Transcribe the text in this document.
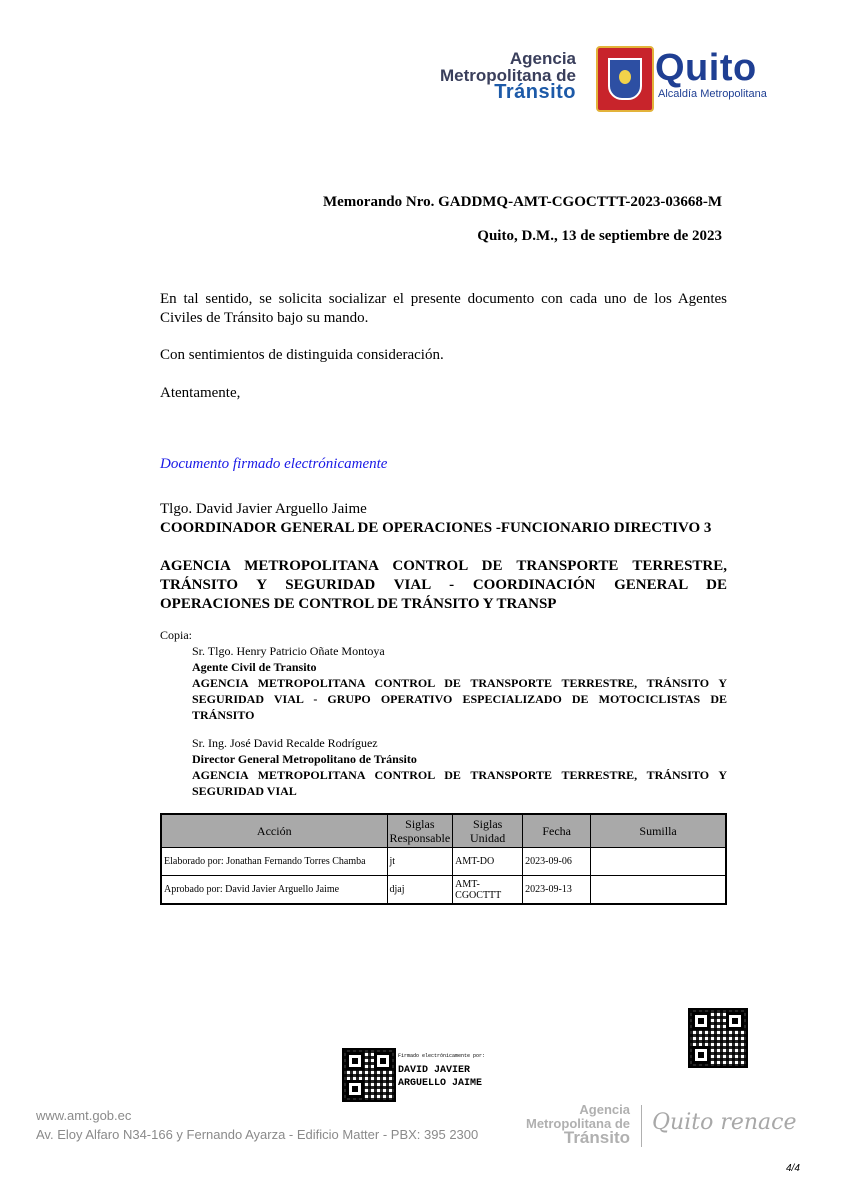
Agencia
Metropolitana de
Tránsito
Quito
Alcaldía Metropolitana
Memorando Nro. GADDMQ-AMT-CGOCTTT-2023-03668-M
Quito, D.M., 13 de septiembre de 2023
En tal sentido, se solicita socializar el presente documento con cada uno de los Agentes Civiles de Tránsito bajo su mando.
Con sentimientos de distinguida consideración.
Atentamente,
Documento firmado electrónicamente
Tlgo. David Javier Arguello Jaime
COORDINADOR GENERAL DE OPERACIONES -FUNCIONARIO DIRECTIVO 3
AGENCIA METROPOLITANA CONTROL DE TRANSPORTE TERRESTRE, TRÁNSITO Y SEGURIDAD VIAL - COORDINACIÓN GENERAL DE OPERACIONES DE CONTROL DE TRÁNSITO Y TRANSP
Copia:
Sr. Tlgo. Henry Patricio Oñate Montoya
Agente Civil de Transito
AGENCIA METROPOLITANA CONTROL DE TRANSPORTE TERRESTRE, TRÁNSITO Y SEGURIDAD VIAL - GRUPO OPERATIVO ESPECIALIZADO DE MOTOCICLISTAS DE TRÁNSITO
Sr. Ing. José David Recalde Rodríguez
Director General Metropolitano de Tránsito
AGENCIA METROPOLITANA CONTROL DE TRANSPORTE TERRESTRE, TRÁNSITO Y SEGURIDAD VIAL
Acción	Siglas Responsable	Siglas Unidad	Fecha	Sumilla
Elaborado por: Jonathan Fernando Torres Chamba	jt	AMT-DO	2023-09-06	
Aprobado por: David Javier Arguello Jaime	djaj	AMT-CGOCTTT	2023-09-13	
Firmado electrónicamente por:
DAVID JAVIER
ARGUELLO JAIME
www.amt.gob.ec
Av. Eloy Alfaro N34-166 y Fernando Ayarza - Edificio Matter - PBX: 395 2300
Agencia
Metropolitana de
Tránsito
Quito renace
4/4
